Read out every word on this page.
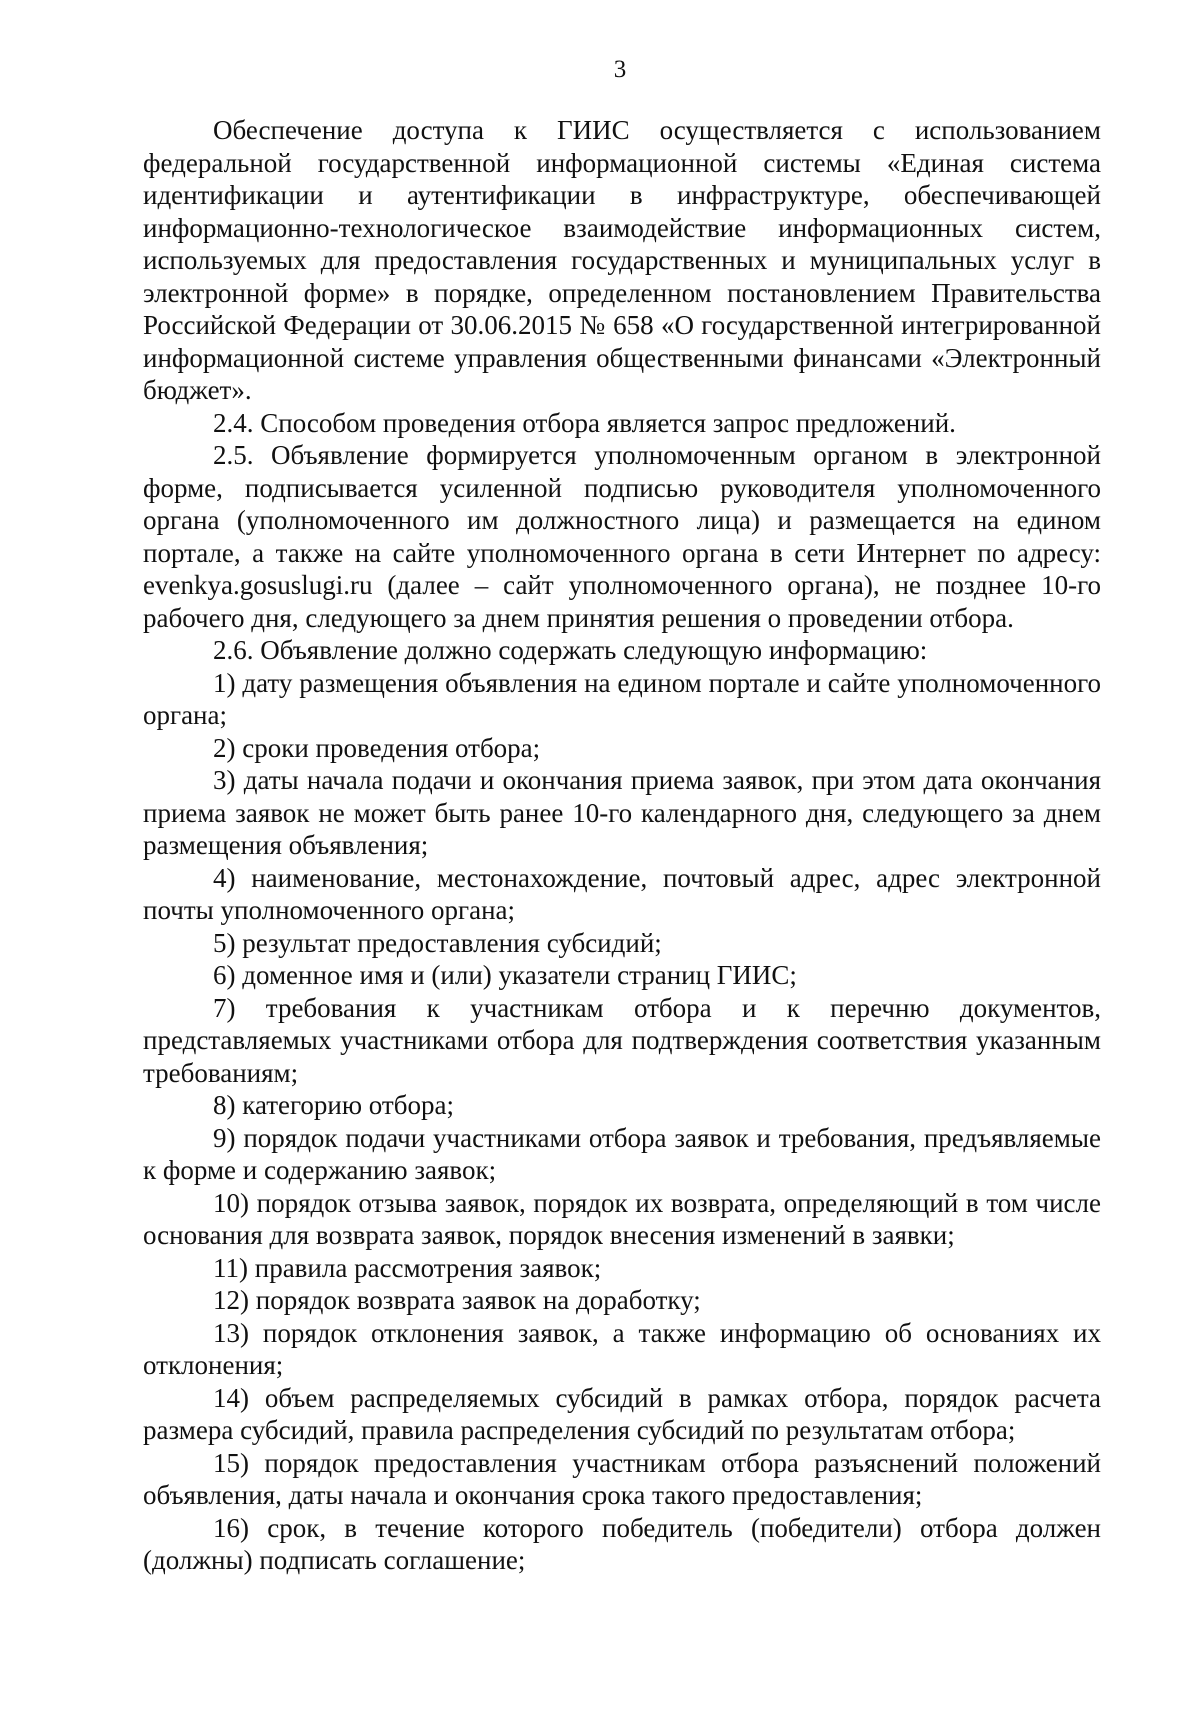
3

Обеспечение доступа к ГИИС осуществляется с использованием федеральной государственной информационной системы «Единая система идентификации и аутентификации в инфраструктуре, обеспечивающей информационно-технологическое взаимодействие информационных систем, используемых для предоставления государственных и муниципальных услуг в электронной форме» в порядке, определенном постановлением Правительства Российской Федерации от 30.06.2015 № 658 «О государственной интегрированной информационной системе управления общественными финансами «Электронный бюджет».

2.4. Способом проведения отбора является запрос предложений.

2.5. Объявление формируется уполномоченным органом в электронной форме, подписывается усиленной подписью руководителя уполномоченного органа (уполномоченного им должностного лица) и размещается на едином портале, а также на сайте уполномоченного органа в сети Интернет по адресу: evenkya.gosuslugi.ru (далее – сайт уполномоченного органа), не позднее 10-го рабочего дня, следующего за днем принятия решения о проведении отбора.

2.6. Объявление должно содержать следующую информацию:

1) дату размещения объявления на едином портале и сайте уполномоченного органа;

2) сроки проведения отбора;

3) даты начала подачи и окончания приема заявок, при этом дата окончания приема заявок не может быть ранее 10-го календарного дня, следующего за днем размещения объявления;

4) наименование, местонахождение, почтовый адрес, адрес электронной почты уполномоченного органа;

5) результат предоставления субсидий;

6) доменное имя и (или) указатели страниц ГИИС;

7) требования к участникам отбора и к перечню документов, представляемых участниками отбора для подтверждения соответствия указанным требованиям;

8) категорию отбора;

9) порядок подачи участниками отбора заявок и требования, предъявляемые к форме и содержанию заявок;

10) порядок отзыва заявок, порядок их возврата, определяющий в том числе основания для возврата заявок, порядок внесения изменений в заявки;

11) правила рассмотрения заявок;

12) порядок возврата заявок на доработку;

13) порядок отклонения заявок, а также информацию об основаниях их отклонения;

14) объем распределяемых субсидий в рамках отбора, порядок расчета размера субсидий, правила распределения субсидий по результатам отбора;

15) порядок предоставления участникам отбора разъяснений положений объявления, даты начала и окончания срока такого предоставления;

16) срок, в течение которого победитель (победители) отбора должен (должны) подписать соглашение;
